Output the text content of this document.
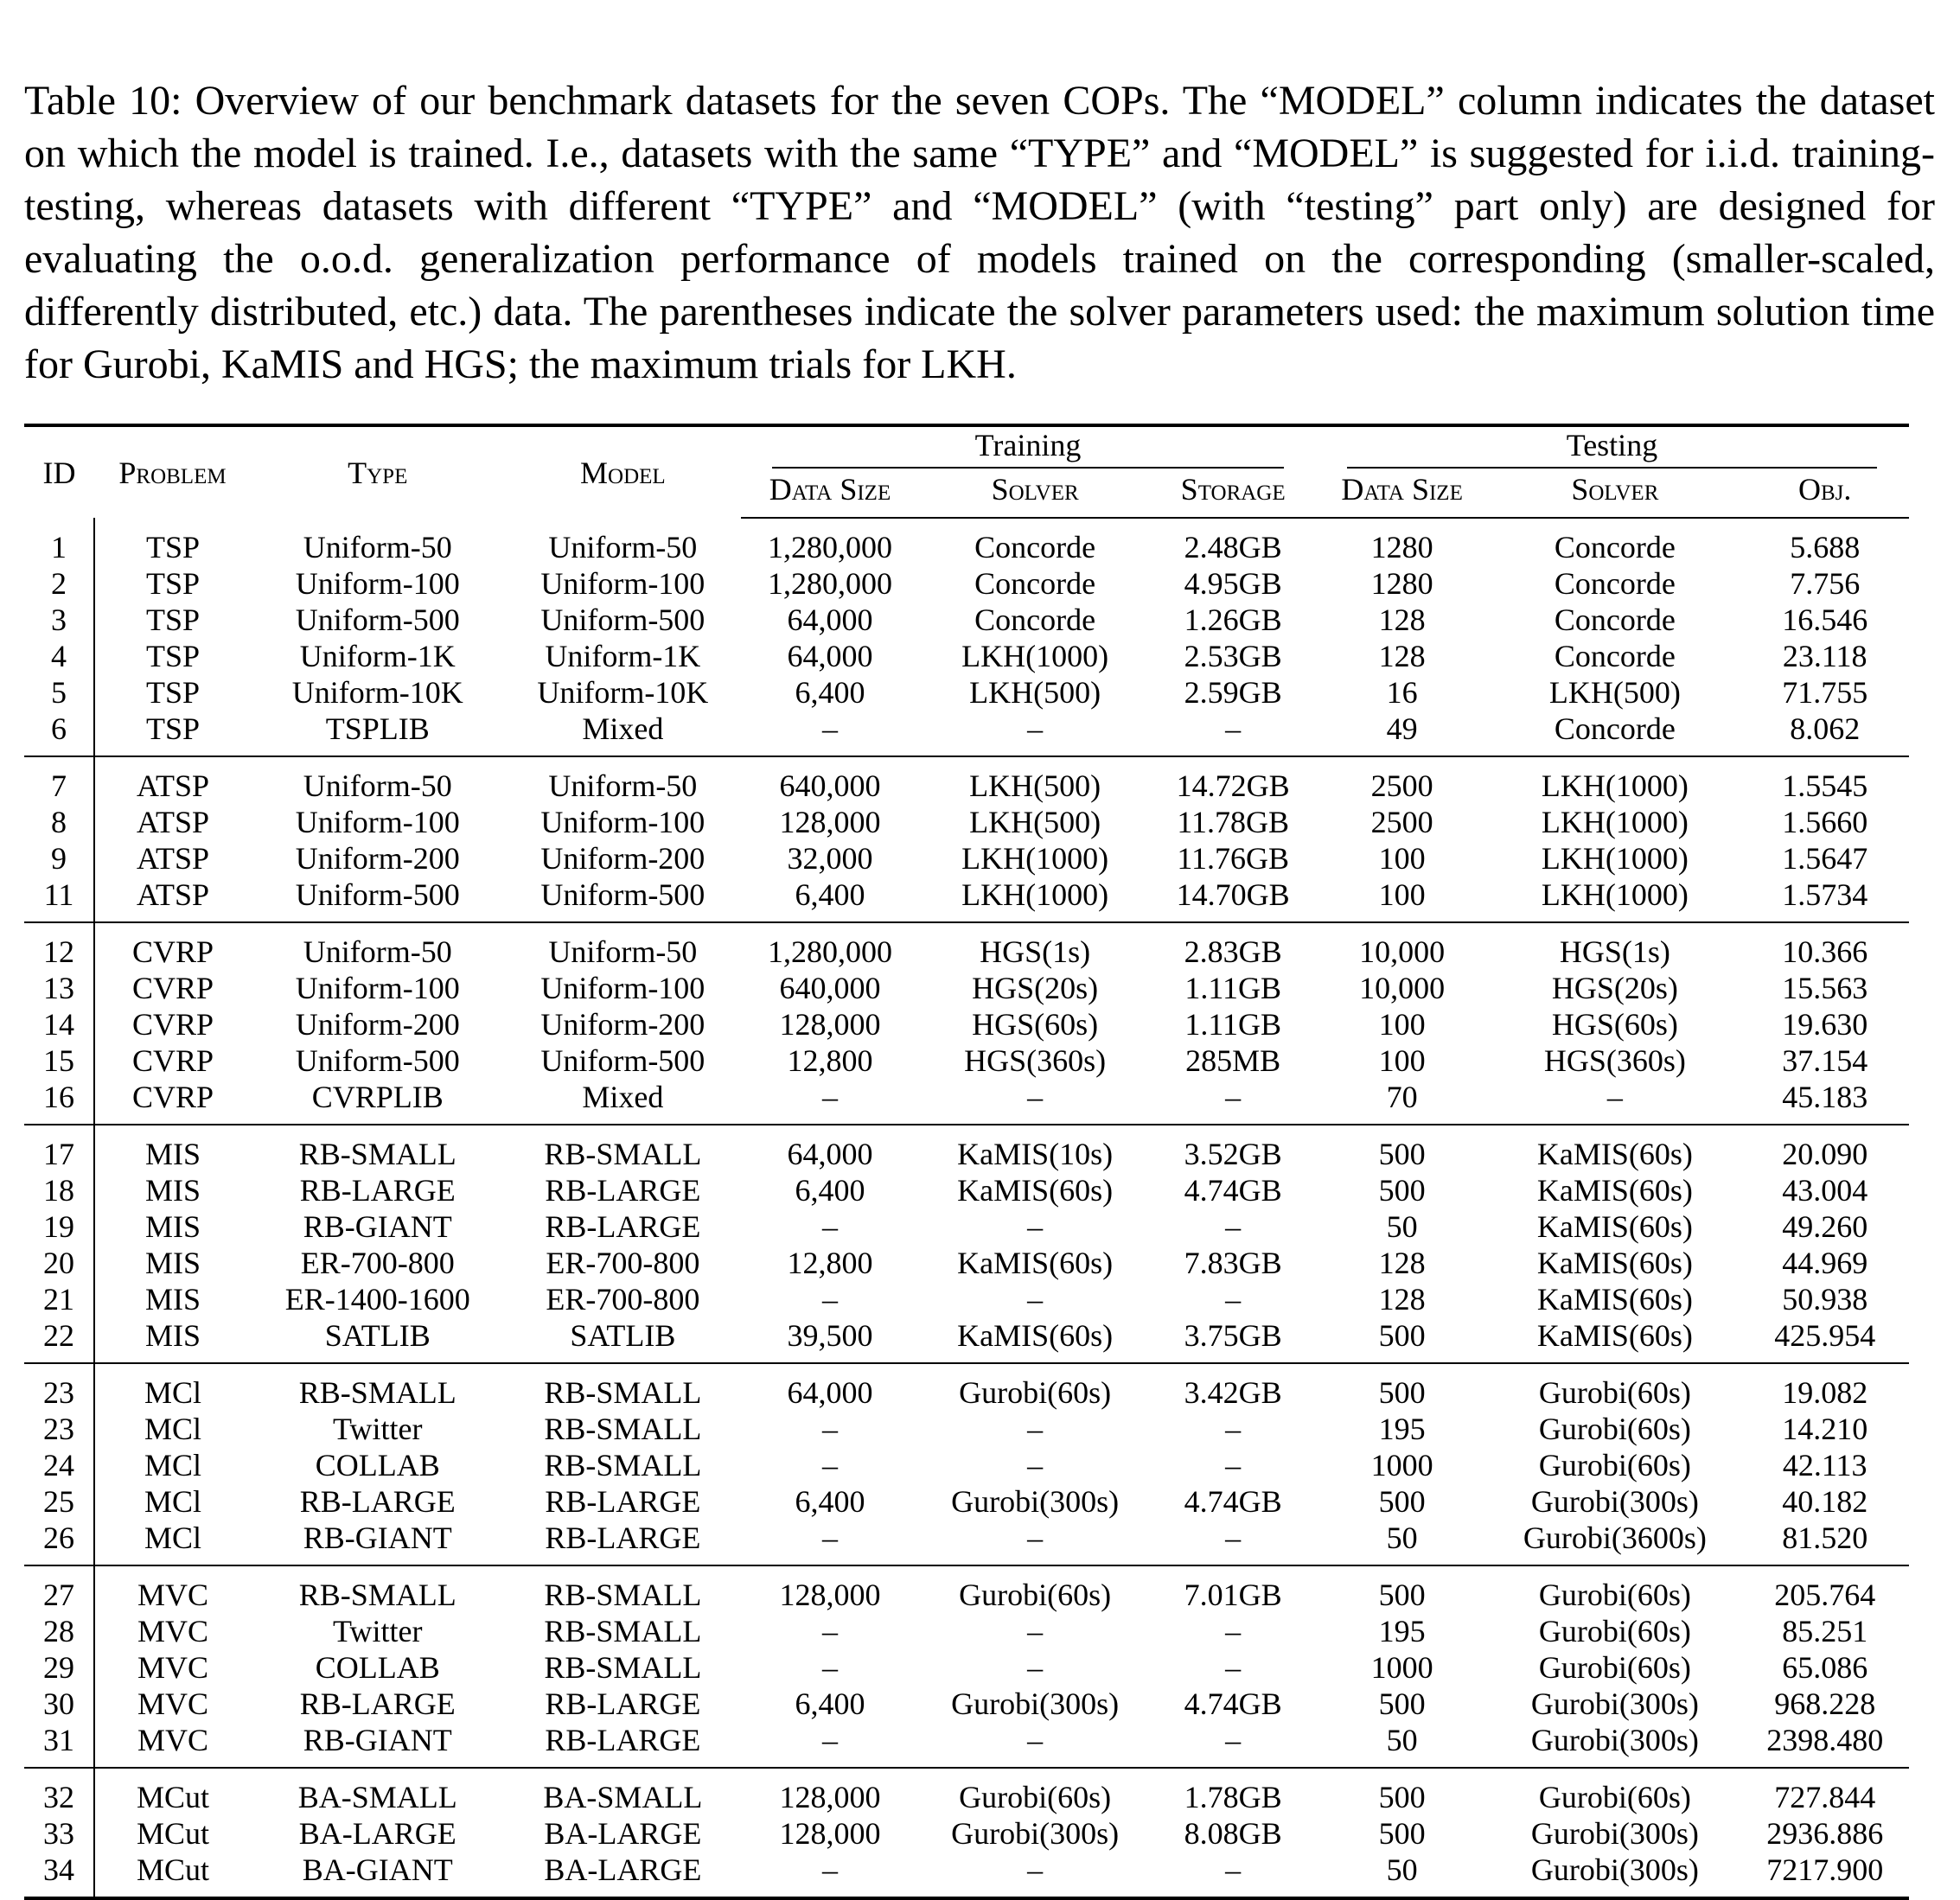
Table 10: Overview of our benchmark datasets for the seven COPs. The “MODEL” column indicates the dataset on which the model is trained. I.e., datasets with the same “TYPE” and “MODEL” is suggested for i.i.d. training-testing, whereas datasets with different “TYPE” and “MODEL” (with “testing” part only) are designed for evaluating the o.o.d. generalization performance of models trained on the corresponding (smaller-scaled, differently distributed, etc.) data. The parentheses indicate the solver parameters used: the maximum solution time for Gurobi, KaMIS and HGS; the maximum trials for LKH.

ID	Problem	Type	Model	Training			Testing		

				Data Size	Solver	Storage	Data Size	Solver	Obj.
1	TSP	Uniform-50	Uniform-50	1,280,000	Concorde	2.48GB	1280	Concorde	5.688
2	TSP	Uniform-100	Uniform-100	1,280,000	Concorde	4.95GB	1280	Concorde	7.756
3	TSP	Uniform-500	Uniform-500	64,000	Concorde	1.26GB	128	Concorde	16.546
4	TSP	Uniform-1K	Uniform-1K	64,000	LKH(1000)	2.53GB	128	Concorde	23.118
5	TSP	Uniform-10K	Uniform-10K	6,400	LKH(500)	2.59GB	16	LKH(500)	71.755
6	TSP	TSPLIB	Mixed	–	–	–	49	Concorde	8.062
7	ATSP	Uniform-50	Uniform-50	640,000	LKH(500)	14.72GB	2500	LKH(1000)	1.5545
8	ATSP	Uniform-100	Uniform-100	128,000	LKH(500)	11.78GB	2500	LKH(1000)	1.5660
9	ATSP	Uniform-200	Uniform-200	32,000	LKH(1000)	11.76GB	100	LKH(1000)	1.5647
11	ATSP	Uniform-500	Uniform-500	6,400	LKH(1000)	14.70GB	100	LKH(1000)	1.5734
12	CVRP	Uniform-50	Uniform-50	1,280,000	HGS(1s)	2.83GB	10,000	HGS(1s)	10.366
13	CVRP	Uniform-100	Uniform-100	640,000	HGS(20s)	1.11GB	10,000	HGS(20s)	15.563
14	CVRP	Uniform-200	Uniform-200	128,000	HGS(60s)	1.11GB	100	HGS(60s)	19.630
15	CVRP	Uniform-500	Uniform-500	12,800	HGS(360s)	285MB	100	HGS(360s)	37.154
16	CVRP	CVRPLIB	Mixed	–	–	–	70	–	45.183
17	MIS	RB-SMALL	RB-SMALL	64,000	KaMIS(10s)	3.52GB	500	KaMIS(60s)	20.090
18	MIS	RB-LARGE	RB-LARGE	6,400	KaMIS(60s)	4.74GB	500	KaMIS(60s)	43.004
19	MIS	RB-GIANT	RB-LARGE	–	–	–	50	KaMIS(60s)	49.260
20	MIS	ER-700-800	ER-700-800	12,800	KaMIS(60s)	7.83GB	128	KaMIS(60s)	44.969
21	MIS	ER-1400-1600	ER-700-800	–	–	–	128	KaMIS(60s)	50.938
22	MIS	SATLIB	SATLIB	39,500	KaMIS(60s)	3.75GB	500	KaMIS(60s)	425.954
23	MCl	RB-SMALL	RB-SMALL	64,000	Gurobi(60s)	3.42GB	500	Gurobi(60s)	19.082
23	MCl	Twitter	RB-SMALL	–	–	–	195	Gurobi(60s)	14.210
24	MCl	COLLAB	RB-SMALL	–	–	–	1000	Gurobi(60s)	42.113
25	MCl	RB-LARGE	RB-LARGE	6,400	Gurobi(300s)	4.74GB	500	Gurobi(300s)	40.182
26	MCl	RB-GIANT	RB-LARGE	–	–	–	50	Gurobi(3600s)	81.520
27	MVC	RB-SMALL	RB-SMALL	128,000	Gurobi(60s)	7.01GB	500	Gurobi(60s)	205.764
28	MVC	Twitter	RB-SMALL	–	–	–	195	Gurobi(60s)	85.251
29	MVC	COLLAB	RB-SMALL	–	–	–	1000	Gurobi(60s)	65.086
30	MVC	RB-LARGE	RB-LARGE	6,400	Gurobi(300s)	4.74GB	500	Gurobi(300s)	968.228
31	MVC	RB-GIANT	RB-LARGE	–	–	–	50	Gurobi(300s)	2398.480
32	MCut	BA-SMALL	BA-SMALL	128,000	Gurobi(60s)	1.78GB	500	Gurobi(60s)	727.844
33	MCut	BA-LARGE	BA-LARGE	128,000	Gurobi(300s)	8.08GB	500	Gurobi(300s)	2936.886
34	MCut	BA-GIANT	BA-LARGE	–	–	–	50	Gurobi(300s)	7217.900
